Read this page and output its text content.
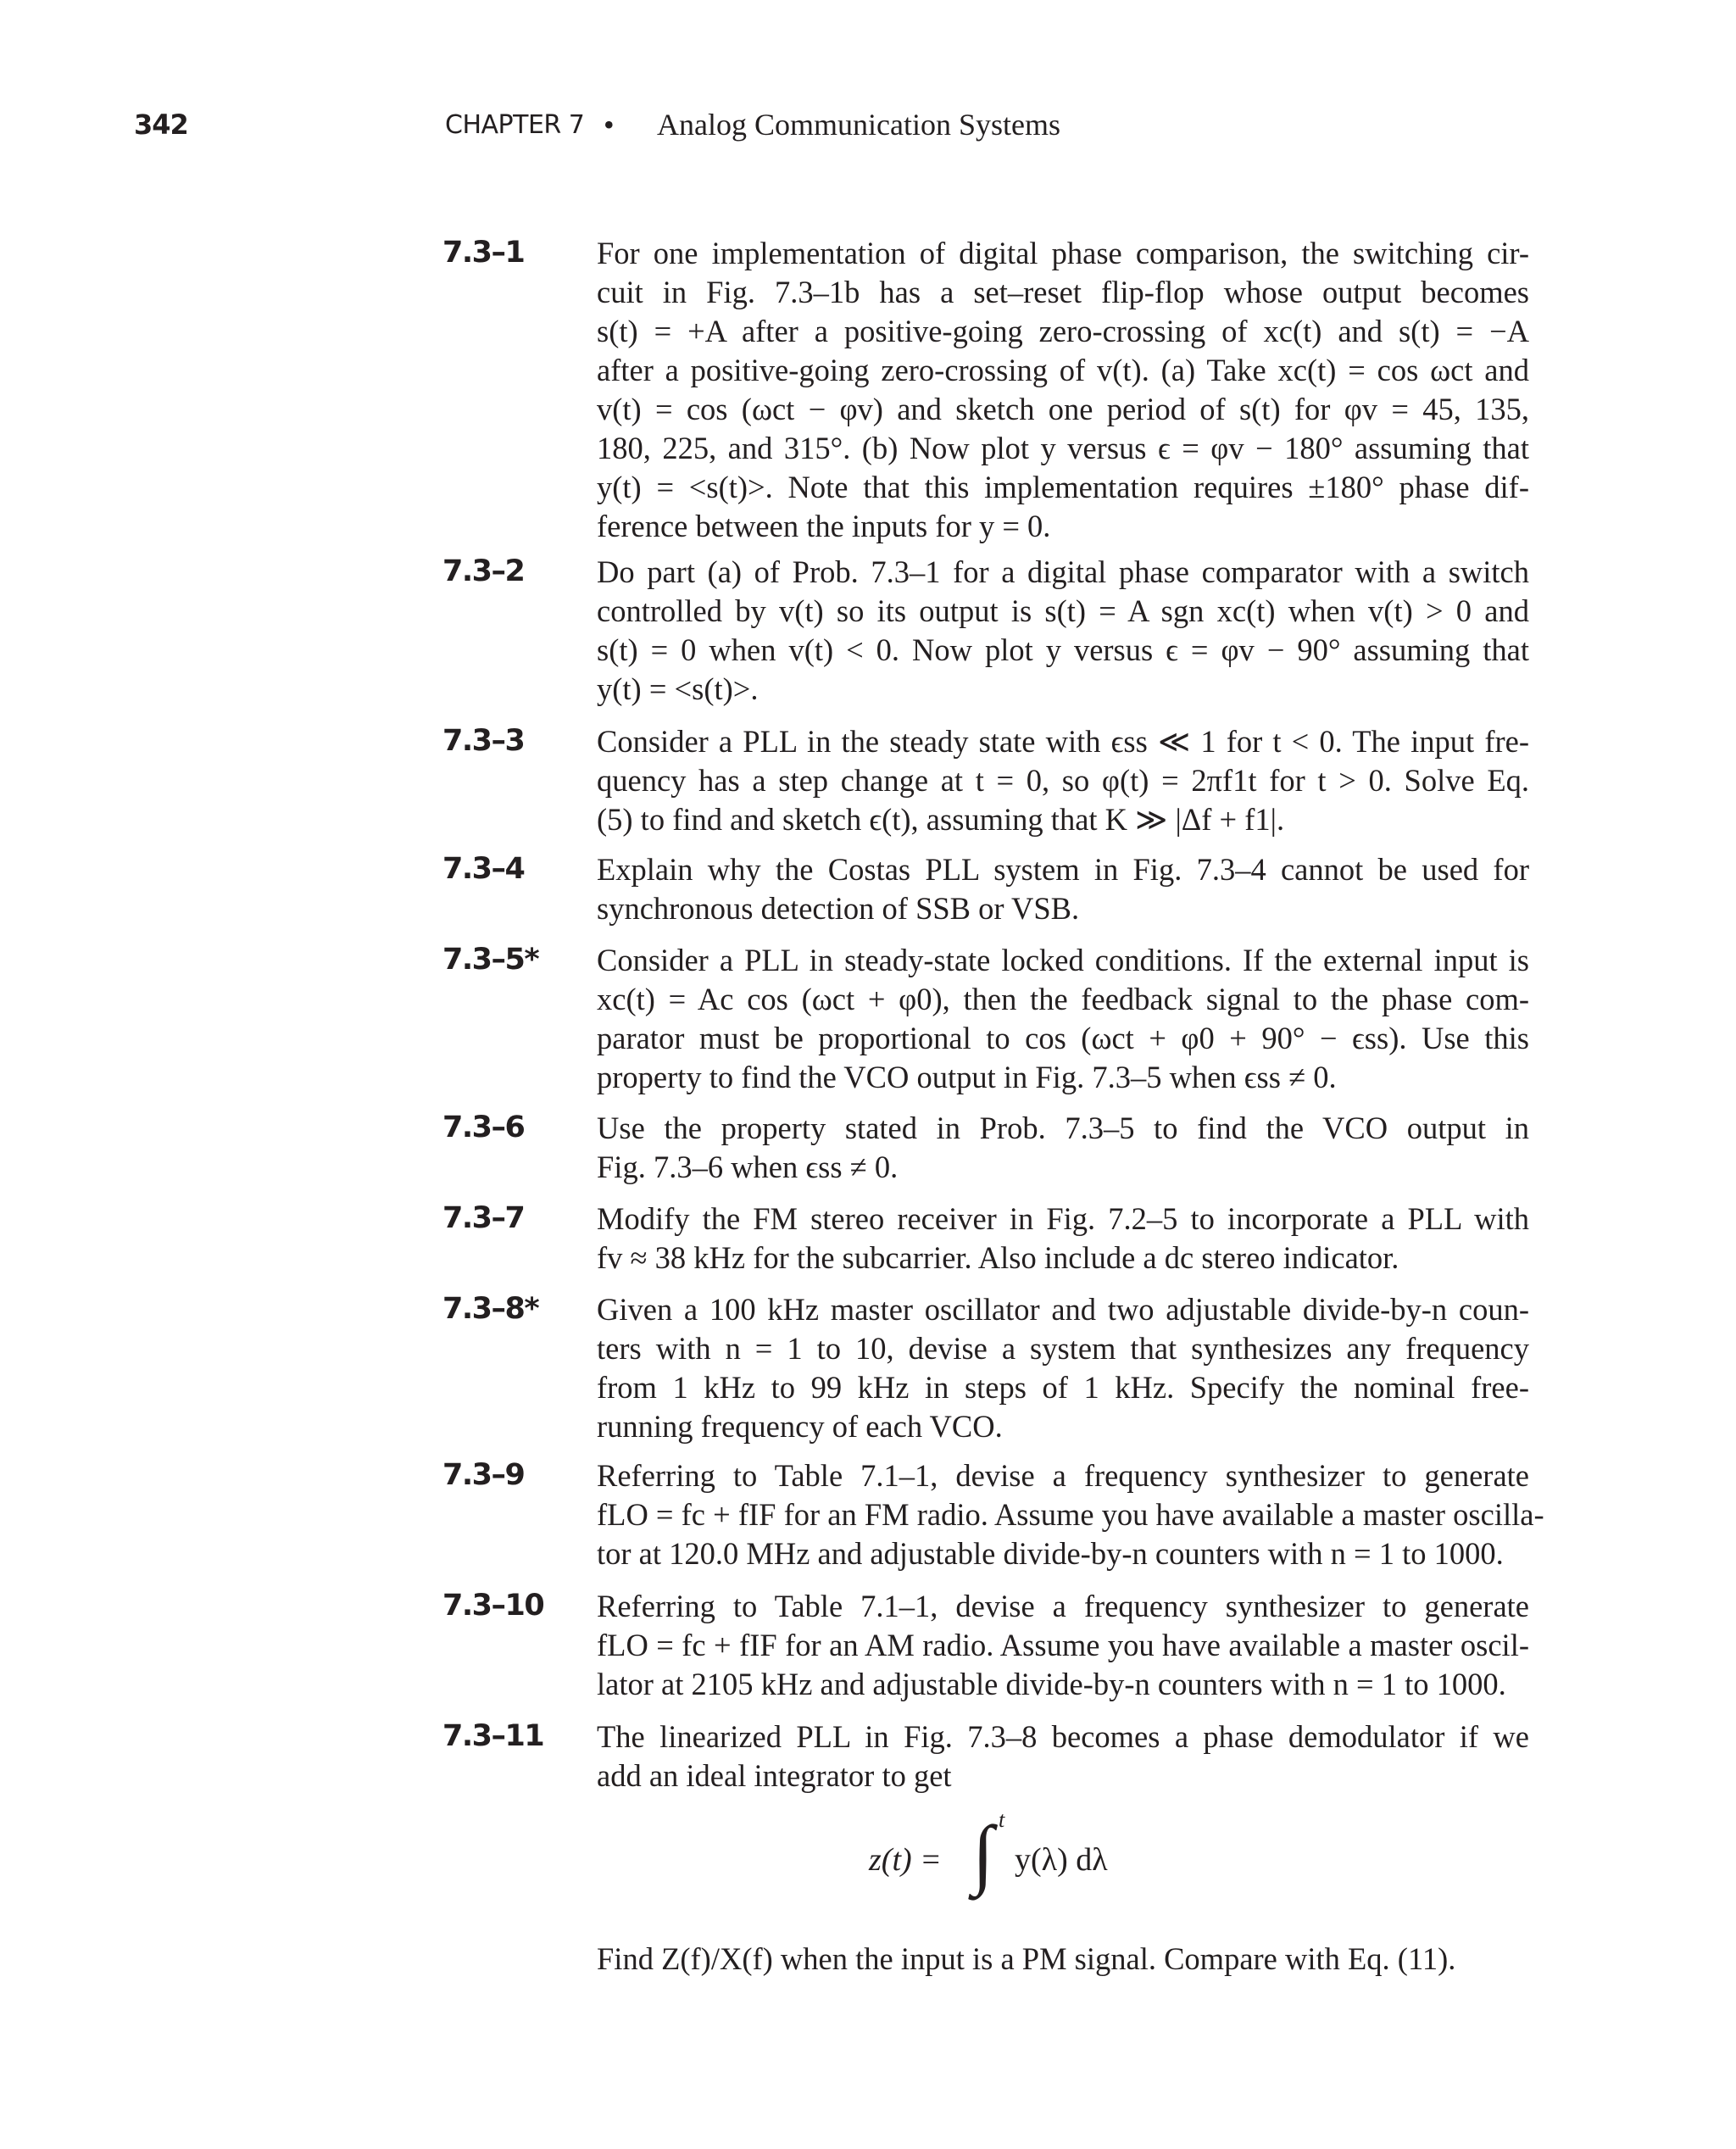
342	CHAPTER 7 • Analog Communication Systems
7.3–1 For one implementation of digital phase comparison, the switching cir-
cuit in Fig. 7.3–1b has a set–reset flip-flop whose output becomes
s(t) = +A after a positive-going zero-crossing of xc(t) and s(t) = −A
after a positive-going zero-crossing of v(t). (a) Take xc(t) = cos ωct and
v(t) = cos (ωct − φv) and sketch one period of s(t) for φv = 45, 135,
180, 225, and 315°. (b) Now plot y versus ϵ = φv − 180° assuming that
y(t) = <s(t)>. Note that this implementation requires ±180° phase dif-
ference between the inputs for y = 0.
7.3–2 Do part (a) of Prob. 7.3–1 for a digital phase comparator with a switch
controlled by v(t) so its output is s(t) = A sgn xc(t) when v(t) > 0 and
s(t) = 0 when v(t) < 0. Now plot y versus ϵ = φv − 90° assuming that
y(t) = <s(t)>.
7.3–3 Consider a PLL in the steady state with ϵss ≪ 1 for t < 0. The input fre-
quency has a step change at t = 0, so φ(t) = 2πf1t for t > 0. Solve Eq.
(5) to find and sketch ϵ(t), assuming that K ≫ |Δf + f1|.
7.3–4 Explain why the Costas PLL system in Fig. 7.3–4 cannot be used for
synchronous detection of SSB or VSB.
7.3–5* Consider a PLL in steady-state locked conditions. If the external input is
xc(t) = Ac cos (ωct + φ0), then the feedback signal to the phase com-
parator must be proportional to cos (ωct + φ0 + 90° − ϵss). Use this
property to find the VCO output in Fig. 7.3–5 when ϵss ≠ 0.
7.3–6 Use the property stated in Prob. 7.3–5 to find the VCO output in
Fig. 7.3–6 when ϵss ≠ 0.
7.3–7 Modify the FM stereo receiver in Fig. 7.2–5 to incorporate a PLL with
fv ≈ 38 kHz for the subcarrier. Also include a dc stereo indicator.
7.3–8* Given a 100 kHz master oscillator and two adjustable divide-by-n coun-
ters with n = 1 to 10, devise a system that synthesizes any frequency
from 1 kHz to 99 kHz in steps of 1 kHz. Specify the nominal free-
running frequency of each VCO.
7.3–9 Referring to Table 7.1–1, devise a frequency synthesizer to generate
fLO = fc + fIF for an FM radio. Assume you have available a master oscilla-
tor at 120.0 MHz and adjustable divide-by-n counters with n = 1 to 1000.
7.3–10 Referring to Table 7.1–1, devise a frequency synthesizer to generate
fLO = fc + fIF for an AM radio. Assume you have available a master oscil-
lator at 2105 kHz and adjustable divide-by-n counters with n = 1 to 1000.
7.3–11 The linearized PLL in Fig. 7.3–8 becomes a phase demodulator if we
add an ideal integrator to get
z(t) = ∫ t
y(λ) dλ
Find Z(f)/X(f) when the input is a PM signal. Compare with Eq. (11).
